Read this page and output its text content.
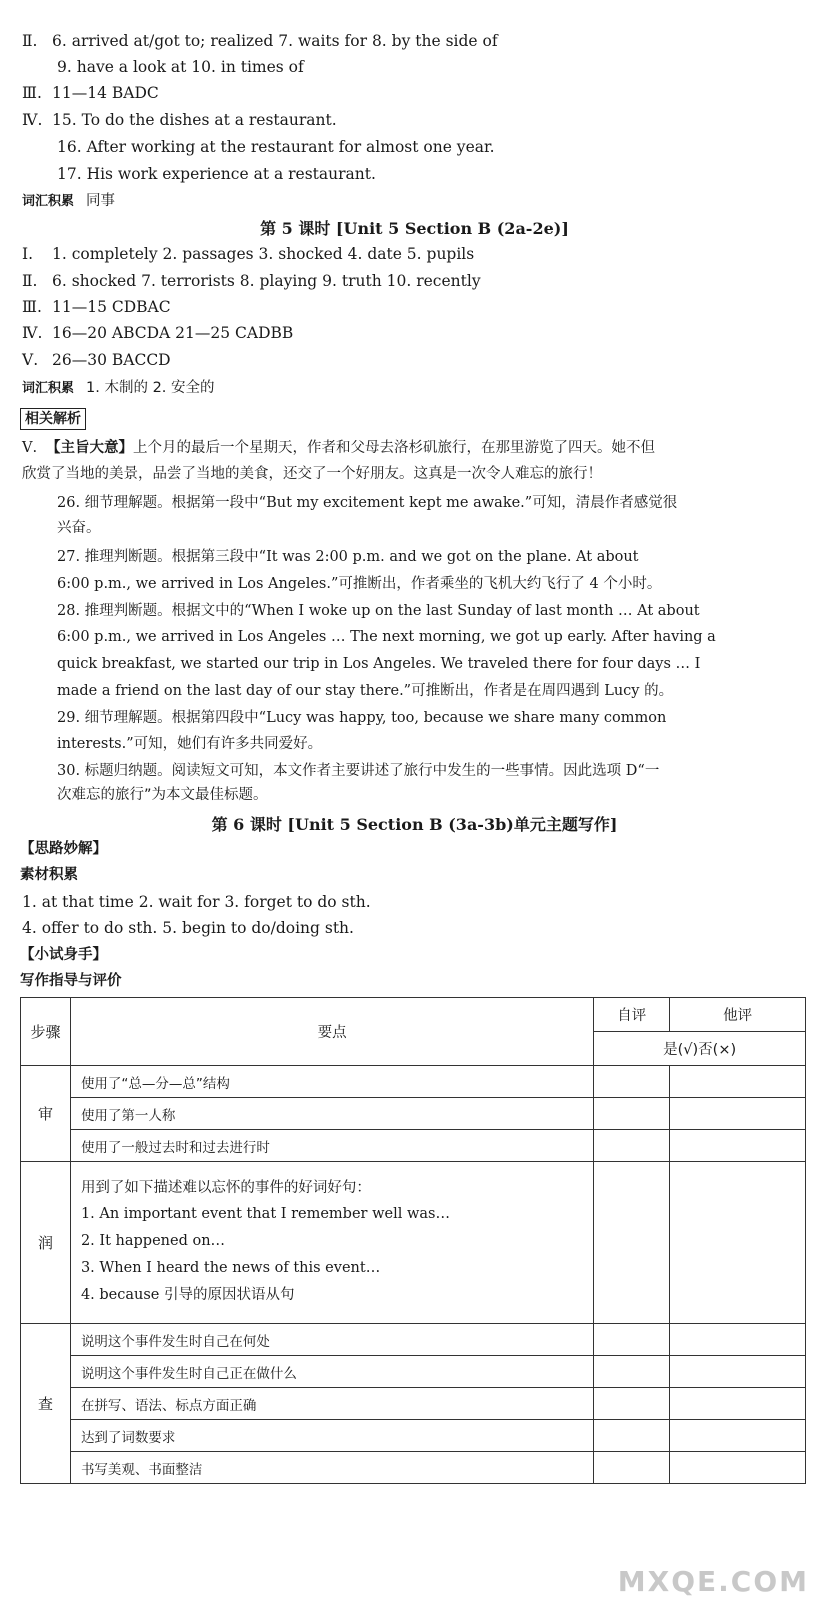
Ⅱ. 6. arrived at/got to; realized 7. waits for 8. by the side of
9. have a look at 10. in times of
Ⅲ. 11—14 BADC
Ⅳ. 15. To do the dishes at a restaurant.
16. After working at the restaurant for almost one year.
17. His work experience at a restaurant.
词汇积累 同事
第 5 课时 [Unit 5 Section B (2a-2e)]
Ⅰ. 1. completely 2. passages 3. shocked 4. date 5. pupils
Ⅱ. 6. shocked 7. terrorists 8. playing 9. truth 10. recently
Ⅲ. 11—15 CDBAC
Ⅳ. 16—20 ABCDA 21—25 CADBB
Ⅴ. 26—30 BACCD
词汇积累 1. 木制的 2. 安全的
相关解析
Ⅴ. 【主旨大意】上个月的最后一个星期天，作者和父母去洛杉矶旅行，在那里游览了四天。她不但
欣赏了当地的美景，品尝了当地的美食，还交了一个好朋友。这真是一次令人难忘的旅行！
26. 细节理解题。根据第一段中“But my excitement kept me awake.”可知，清晨作者感觉很
兴奋。
27. 推理判断题。根据第三段中“It was 2:00 p.m. and we got on the plane. At about
6:00 p.m., we arrived in Los Angeles.”可推断出，作者乘坐的飞机大约飞行了 4 个小时。
28. 推理判断题。根据文中的“When I woke up on the last Sunday of last month … At about
6:00 p.m., we arrived in Los Angeles … The next morning, we got up early. After having a
quick breakfast, we started our trip in Los Angeles. We traveled there for four days … I
made a friend on the last day of our stay there.”可推断出，作者是在周四遇到 Lucy 的。
29. 细节理解题。根据第四段中“Lucy was happy, too, because we share many common
interests.”可知，她们有许多共同爱好。
30. 标题归纳题。阅读短文可知，本文作者主要讲述了旅行中发生的一些事情。因此选项 D“一
次难忘的旅行”为本文最佳标题。
第 6 课时 [Unit 5 Section B (3a-3b)单元主题写作]
【思路妙解】
素材积累
1. at that time 2. wait for 3. forget to do sth.
4. offer to do sth. 5. begin to do/doing sth.
【小试身手】
写作指导与评价
步骤	要点	自评	他评
		是(√)否(×)	
审	使用了“总—分—总”结构		
	使用了第一人称		
	使用了一般过去时和过去进行时		
润	用到了如下描述难以忘怀的事件的好词好句：
1. An important event that I remember well was…
2. It happened on…
3. When I heard the news of this event…
4. because 引导的原因状语从句		

查	说明这个事件发生时自己在何处		
	说明这个事件发生时自己正在做什么		
	在拼写、语法、标点方面正确		
	达到了词数要求		
	书写美观、书面整洁		
MXQE.COM
